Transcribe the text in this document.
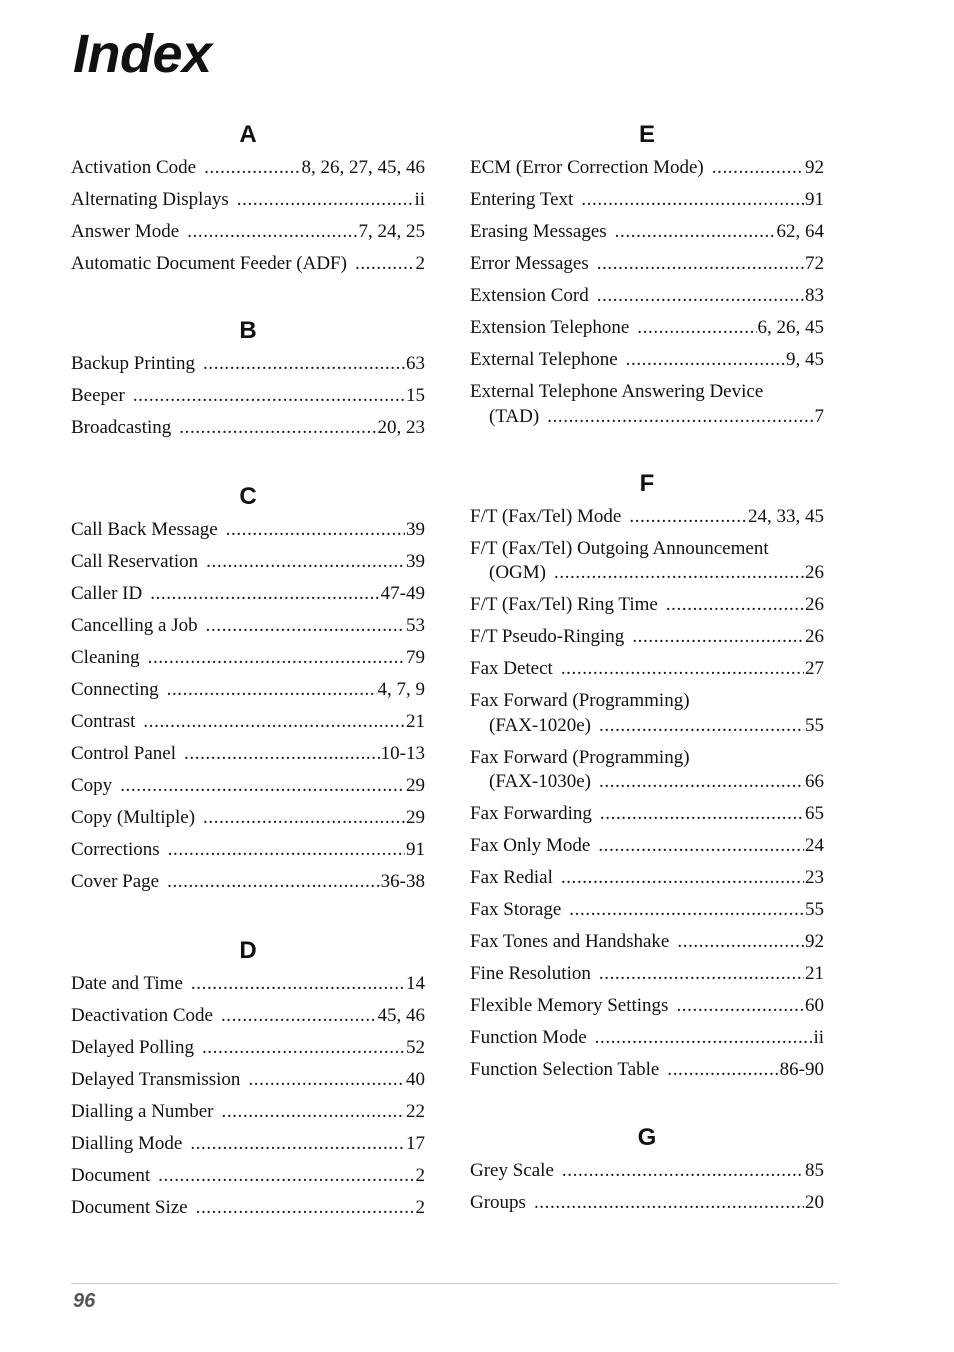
Index
A
Activation Code .....	8, 26, 27, 45, 46
Alternating Displays .....	ii
Answer Mode .....	7, 24, 25
Automatic Document Feeder (ADF) .....	2
B
Backup Printing .....	63
Beeper .....	15
Broadcasting .....	20, 23
C
Call Back Message .....	39
Call Reservation .....	39
Caller ID .....	47-49
Cancelling a Job .....	53
Cleaning .....	79
Connecting .....	4, 7, 9
Contrast .....	21
Control Panel .....	10-13
Copy .....	29
Copy (Multiple) .....	29
Corrections .....	91
Cover Page .....	36-38
D
Date and Time .....	14
Deactivation Code .....	45, 46
Delayed Polling .....	52
Delayed Transmission .....	40
Dialling a Number .....	22
Dialling Mode .....	17
Document .....	2
Document Size .....	2
E
ECM (Error Correction Mode) .....	92
Entering Text .....	91
Erasing Messages .....	62, 64
Error Messages .....	72
Extension Cord .....	83
Extension Telephone .....	6, 26, 45
External Telephone .....	9, 45
External Telephone Answering Device
(TAD) .....	7
F
F/T (Fax/Tel) Mode .....	24, 33, 45
F/T (Fax/Tel) Outgoing Announcement
(OGM) .....	26
F/T (Fax/Tel) Ring Time .....	26
F/T Pseudo-Ringing .....	26
Fax Detect .....	27
Fax Forward (Programming)
(FAX-1020e) .....	55
Fax Forward (Programming)
(FAX-1030e) .....	66
Fax Forwarding .....	65
Fax Only Mode .....	24
Fax Redial .....	23
Fax Storage .....	55
Fax Tones and Handshake .....	92
Fine Resolution .....	21
Flexible Memory Settings .....	60
Function Mode .....	ii
Function Selection Table .....	86-90
G
Grey Scale .....	85
Groups .....	20
96
